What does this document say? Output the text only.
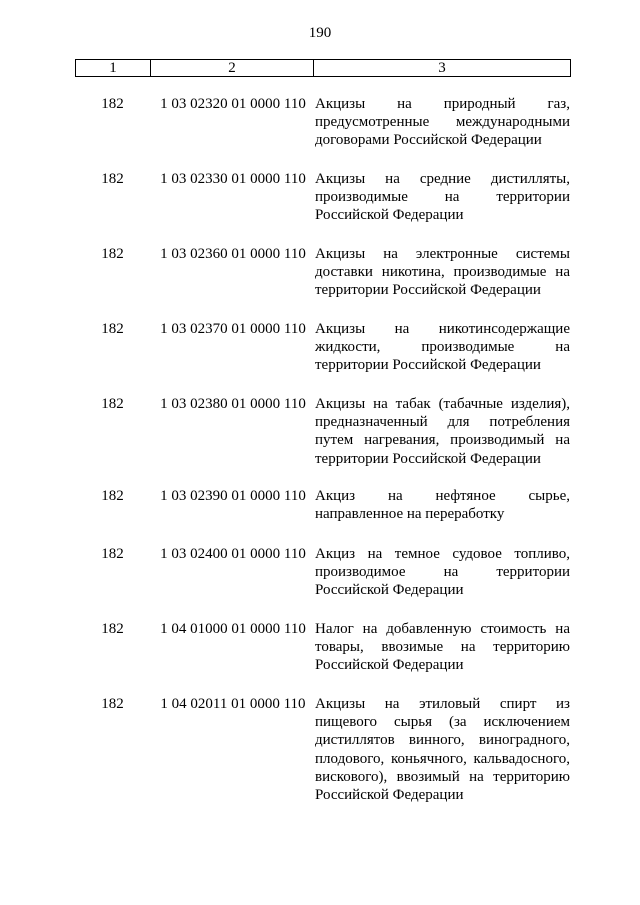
190
1	2	3
182	1 03 02320 01 0000 110 Акцизы на природный газ, предусмотренные международными договорами Российской Федерации
182	1 03 02330 01 0000 110 Акцизы на средние дистилляты, производимые на территории Российской Федерации
182	1 03 02360 01 0000 110 Акцизы на электронные системы доставки никотина, производимые на территории Российской Федерации
182	1 03 02370 01 0000 110 Акцизы на никотинсодержащие жидкости, производимые на территории Российской Федерации
182	1 03 02380 01 0000 110 Акцизы на табак (табачные изделия), предназначенный для потребления путем нагревания, производимый на территории Российской Федерации
182	1 03 02390 01 0000 110 Акциз на нефтяное сырье, направленное на переработку
182	1 03 02400 01 0000 110 Акциз на темное судовое топливо, производимое на территории Российской Федерации
182	1 04 01000 01 0000 110 Налог на добавленную стоимость на товары, ввозимые на территорию Российской Федерации
182	1 04 02011 01 0000 110 Акцизы на этиловый спирт из пищевого сырья (за исключением дистиллятов винного, виноградного, плодового, коньячного, кальвадосного, вискового), ввозимый на территорию Российской Федерации
